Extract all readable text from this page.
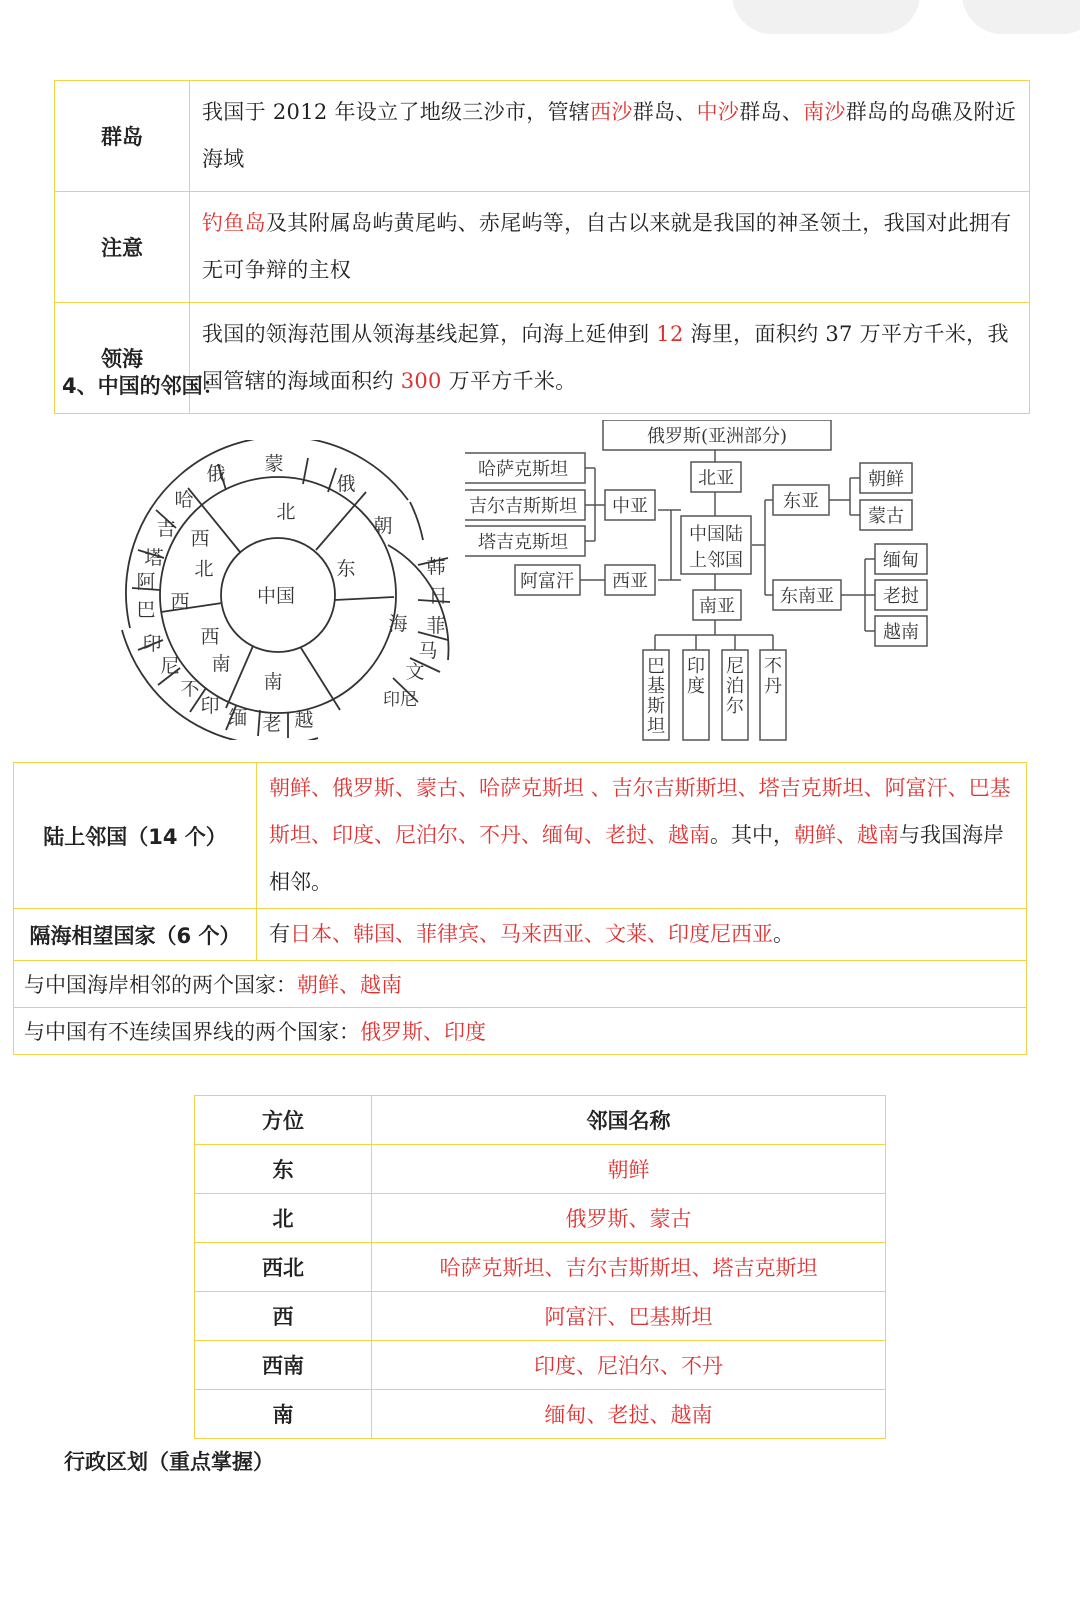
群岛	我国于 2012 年设立了地级三沙市，管辖西沙群岛、中沙群岛、南沙群岛的岛礁及附近海域
注意	钓鱼岛及其附属岛屿黄尾屿、赤尾屿等，自古以来就是我国的神圣领土，我国对此拥有无可争辩的主权
领海	我国的领海范围从领海基线起算，向海上延伸到 12 海里，面积约 37 万平方千米，我国管辖的海域面积约 300 万平方千米。
4、中国的邻国：
中国
北
东
南
西
西
北
西
南
海
俄 蒙
俄
朝
哈
吉
塔
阿
巴
印
尼
不
印
缅 老 越
韩
日
菲
马
文
印尼
俄罗斯(亚洲部分)
北亚
中国陆
上邻国
中亚
西亚
东亚
南亚	东南亚
哈萨克斯坦
吉尔吉斯斯坦
塔吉克斯坦
阿富汗
朝鲜
蒙古
缅甸
老挝
越南
巴
基
斯
坦
印
度
尼
泊
尔
不
丹
陆上邻国（14 个）	朝鲜、俄罗斯、蒙古、哈萨克斯坦 、吉尔吉斯斯坦、塔吉克斯坦、阿富汗、巴基斯坦、印度、尼泊尔、不丹、缅甸、老挝、越南。其中，朝鲜、越南与我国海岸相邻。
隔海相望国家（6 个）	有日本、韩国、菲律宾、马来西亚、文莱、印度尼西亚。
与中国海岸相邻的两个国家：朝鲜、越南	
与中国有不连续国界线的两个国家：俄罗斯、印度	
方位	邻国名称
东	朝鲜
北	俄罗斯、蒙古
西北	哈萨克斯坦、吉尔吉斯斯坦、塔吉克斯坦
西	阿富汗、巴基斯坦
西南	印度、尼泊尔、不丹
南	缅甸、老挝、越南
行政区划（重点掌握）
